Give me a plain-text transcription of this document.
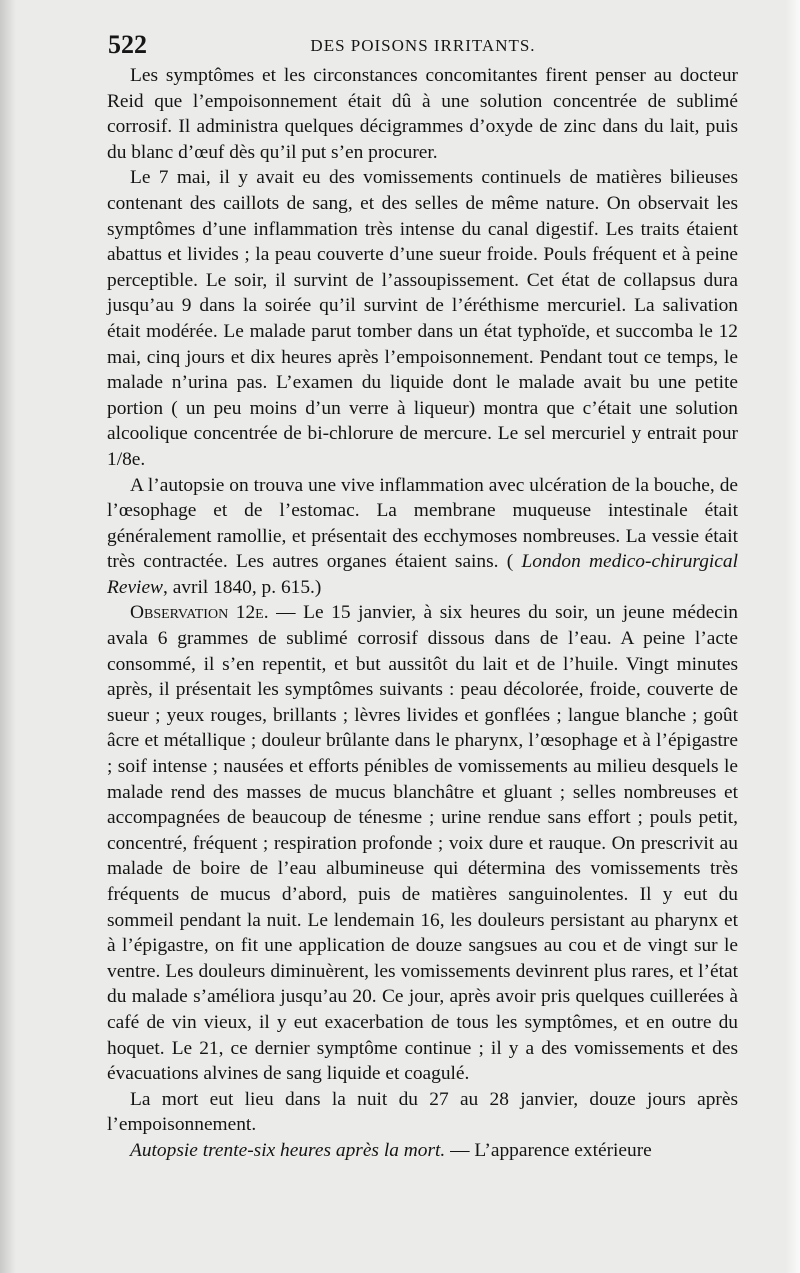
522	DES POISONS IRRITANTS.

Les symptômes et les circonstances concomitantes firent penser au docteur Reid que l’empoisonnement était dû à une solution concentrée de sublimé corrosif. Il administra quelques décigrammes d’oxyde de zinc dans du lait, puis du blanc d’œuf dès qu’il put s’en procurer.

Le 7 mai, il y avait eu des vomissements continuels de matières bilieuses contenant des caillots de sang, et des selles de même nature. On observait les symptômes d’une inflammation très intense du canal digestif. Les traits étaient abattus et livides ; la peau couverte d’une sueur froide. Pouls fréquent et à peine perceptible. Le soir, il survint de l’assoupissement. Cet état de collapsus dura jusqu’au 9 dans la soirée qu’il survint de l’éréthisme mercuriel. La salivation était modérée. Le malade parut tomber dans un état typhoïde, et succomba le 12 mai, cinq jours et dix heures après l’empoisonnement. Pendant tout ce temps, le malade n’urina pas. L’examen du liquide dont le malade avait bu une petite portion ( un peu moins d’un verre à liqueur) montra que c’était une solution alcoolique concentrée de bi-chlorure de mercure. Le sel mercuriel y entrait pour 1/8e.

A l’autopsie on trouva une vive inflammation avec ulcération de la bouche, de l’œsophage et de l’estomac. La membrane muqueuse intestinale était généralement ramollie, et présentait des ecchymoses nombreuses. La vessie était très contractée. Les autres organes étaient sains. ( London medico-chirurgical Review, avril 1840, p. 615.)

Observation 12e. — Le 15 janvier, à six heures du soir, un jeune médecin avala 6 grammes de sublimé corrosif dissous dans de l’eau. A peine l’acte consommé, il s’en repentit, et but aussitôt du lait et de l’huile. Vingt minutes après, il présentait les symptômes suivants : peau décolorée, froide, couverte de sueur ; yeux rouges, brillants ; lèvres livides et gonflées ; langue blanche ; goût âcre et métallique ; douleur brûlante dans le pharynx, l’œsophage et à l’épigastre ; soif intense ; nausées et efforts pénibles de vomissements au milieu desquels le malade rend des masses de mucus blanchâtre et gluant ; selles nombreuses et accompagnées de beaucoup de ténesme ; urine rendue sans effort ; pouls petit, concentré, fréquent ; respiration profonde ; voix dure et rauque. On prescrivit au malade de boire de l’eau albumineuse qui détermina des vomissements très fréquents de mucus d’abord, puis de matières sanguinolentes. Il y eut du sommeil pendant la nuit. Le lendemain 16, les douleurs persistant au pharynx et à l’épigastre, on fit une application de douze sangsues au cou et de vingt sur le ventre. Les douleurs diminuèrent, les vomissements devinrent plus rares, et l’état du malade s’améliora jusqu’au 20. Ce jour, après avoir pris quelques cuillerées à café de vin vieux, il y eut exacerbation de tous les symptômes, et en outre du hoquet. Le 21, ce dernier symptôme continue ; il y a des vomissements et des évacuations alvines de sang liquide et coagulé.

La mort eut lieu dans la nuit du 27 au 28 janvier, douze jours après l’empoisonnement.

Autopsie trente-six heures après la mort. — L’apparence extérieure
